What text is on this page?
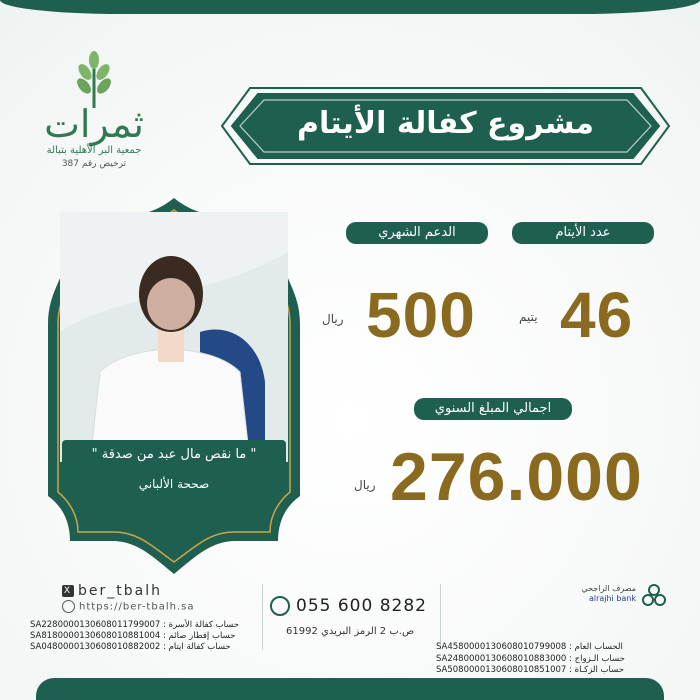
ثمرات
جمعية البر الأهلية بتبالة
ترخيص رقم 387
مشروع كفالة الأيتام
عدد الأيتام
الدعم الشهري
46
يتيم
500
ريال
اجمالي المبلغ السنوي
276.000
ريال
" ما نقص مال عبد من صدقة "
صححة الألباني
X ber_tbalh
https://ber-tbalh.sa
SA2280000130608011799007 : حساب كفالة الأسرة
SA8180000130608010881004 : حساب إفطار صائم
SA0480000130608010882002 : حساب كفالة ايتام
055 600 8282
ص.ب 2 الرمز البريدي 61992
مصرف الراجحي
alrajhi bank
SA4580000130608010799008 : الحساب العام
SA2480000130608010883000 : حساب الـزواج
SA5080000130608010851007 : حساب الزكـاة
